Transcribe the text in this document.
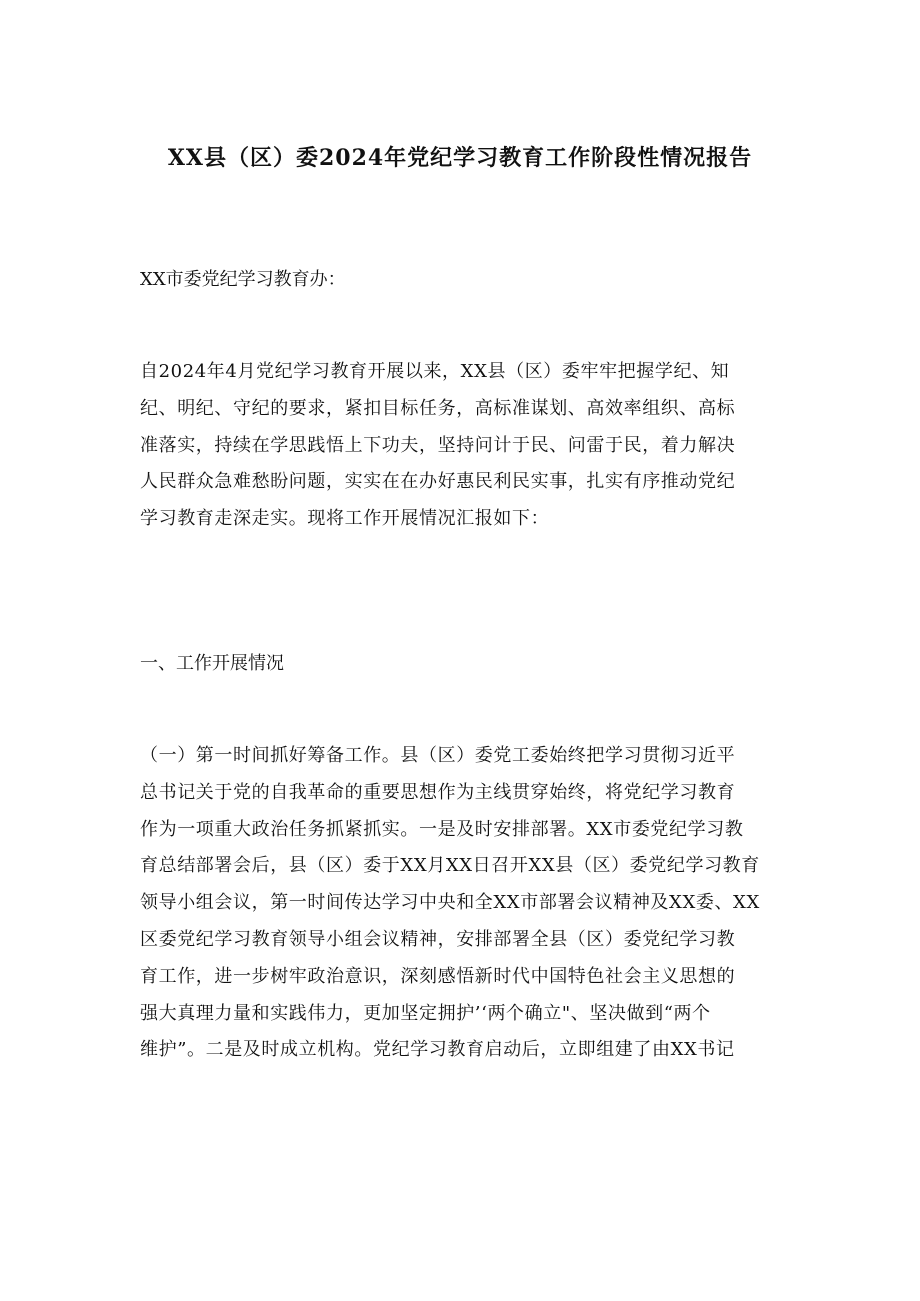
XX县（区）委2024年党纪学习教育工作阶段性情况报告
XX市委党纪学习教育办：
自2024年4月党纪学习教育开展以来，XX县（区）委牢牢把握学纪、知
纪、明纪、守纪的要求，紧扣目标任务，高标准谋划、高效率组织、高标
准落实，持续在学思践悟上下功夫，坚持问计于民、问雷于民，着力解决
人民群众急难愁盼问题，实实在在办好惠民利民实事，扎实有序推动党纪
学习教育走深走实。现将工作开展情况汇报如下：
一、工作开展情况
（一）第一时间抓好筹备工作。县（区）委党工委始终把学习贯彻习近平
总书记关于党的自我革命的重要思想作为主线贯穿始终，将党纪学习教育
作为一项重大政治任务抓紧抓实。一是及时安排部署。XX市委党纪学习教
育总结部署会后，县（区）委于XX月XX日召开XX县（区）委党纪学习教育
领导小组会议，第一时间传达学习中央和全XX市部署会议精神及XX委、XX
区委党纪学习教育领导小组会议精神，安排部署全县（区）委党纪学习教
育工作，进一步树牢政治意识，深刻感悟新时代中国特色社会主义思想的
强大真理力量和实践伟力，更加坚定拥护’‘两个确立"、坚决做到“两个
维护”。二是及时成立机构。党纪学习教育启动后，立即组建了由XX书记
